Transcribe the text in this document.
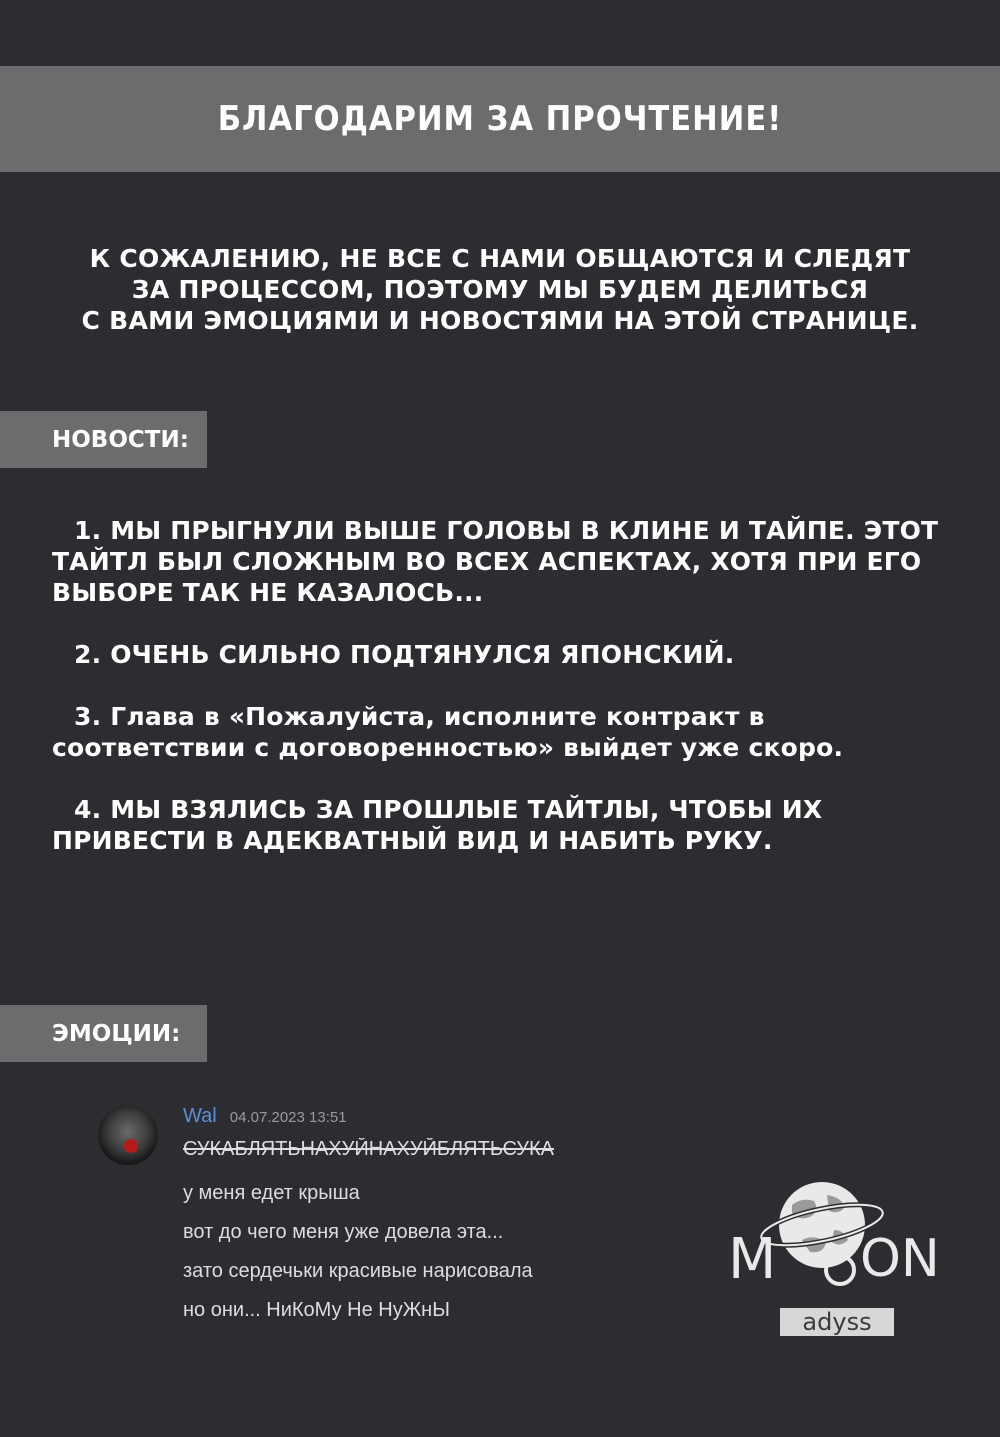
БЛАГОДАРИМ ЗА ПРОЧТЕНИЕ!
К СОЖАЛЕНИЮ, НЕ ВСЕ С НАМИ ОБЩАЮТСЯ И СЛЕДЯТ
ЗА ПРОЦЕССОМ, ПОЭТОМУ МЫ БУДЕМ ДЕЛИТЬСЯ
С ВАМИ ЭМОЦИЯМИ И НОВОСТЯМИ НА ЭТОЙ СТРАНИЦЕ.
НОВОСТИ:

1. МЫ ПРЫГНУЛИ ВЫШЕ ГОЛОВЫ В КЛИНЕ И ТАЙПЕ. ЭТОТ ТАЙТЛ БЫЛ СЛОЖНЫМ ВО ВСЕХ АСПЕКТАХ, ХОТЯ ПРИ ЕГО ВЫБОРЕ ТАК НЕ КАЗАЛОСЬ...

2. ОЧЕНЬ СИЛЬНО ПОДТЯНУЛСЯ ЯПОНСКИЙ.

3. Глава в «Пожалуйста, исполните контракт в соответствии с договоренностью» выйдет уже скоро.

4. МЫ ВЗЯЛИСЬ ЗА ПРОШЛЫЕ ТАЙТЛЫ, ЧТОБЫ ИХ ПРИВЕСТИ В АДЕКВАТНЫЙ ВИД И НАБИТЬ РУКУ.

ЭМОЦИИ:
Wal 04.07.2023 13:51
СУКАБЛЯТЬНАХУЙНАХУЙБЛЯТЬСУКА
у меня едет крыша
вот до чего меня уже довела эта...
зато сердечьки красивые нарисовала
но они... НиКоМу Не НуЖнЫ
M ON
adyss
